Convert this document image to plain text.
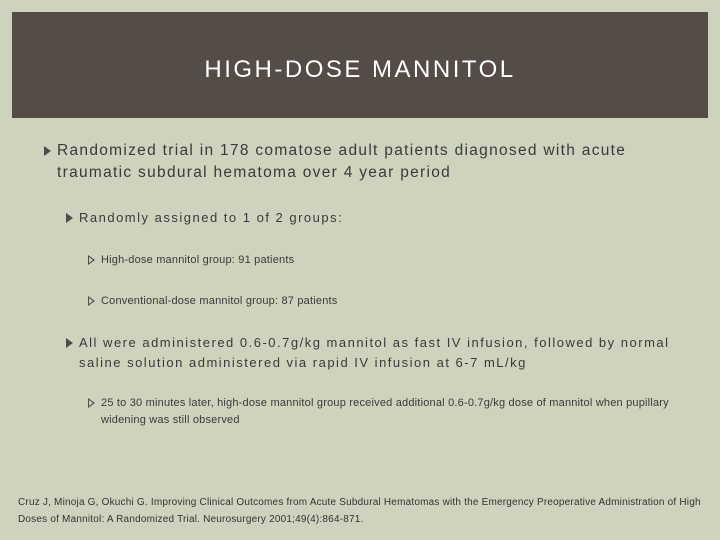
HIGH-DOSE MANNITOL
Randomized trial in 178 comatose adult patients diagnosed with acute traumatic subdural hematoma over 4 year period
Randomly assigned to 1 of 2 groups:
High-dose mannitol group: 91 patients
Conventional-dose mannitol group: 87 patients
All were administered 0.6-0.7g/kg mannitol as fast IV infusion, followed by normal saline solution administered via rapid IV infusion at 6-7 mL/kg
25 to 30 minutes later, high-dose mannitol group received additional 0.6-0.7g/kg dose of mannitol when pupillary widening was still observed
Cruz J, Minoja G, Okuchi G. Improving Clinical Outcomes from Acute Subdural Hematomas with the Emergency Preoperative Administration of High Doses of Mannitol: A Randomized Trial. Neurosurgery 2001;49(4):864-871.
